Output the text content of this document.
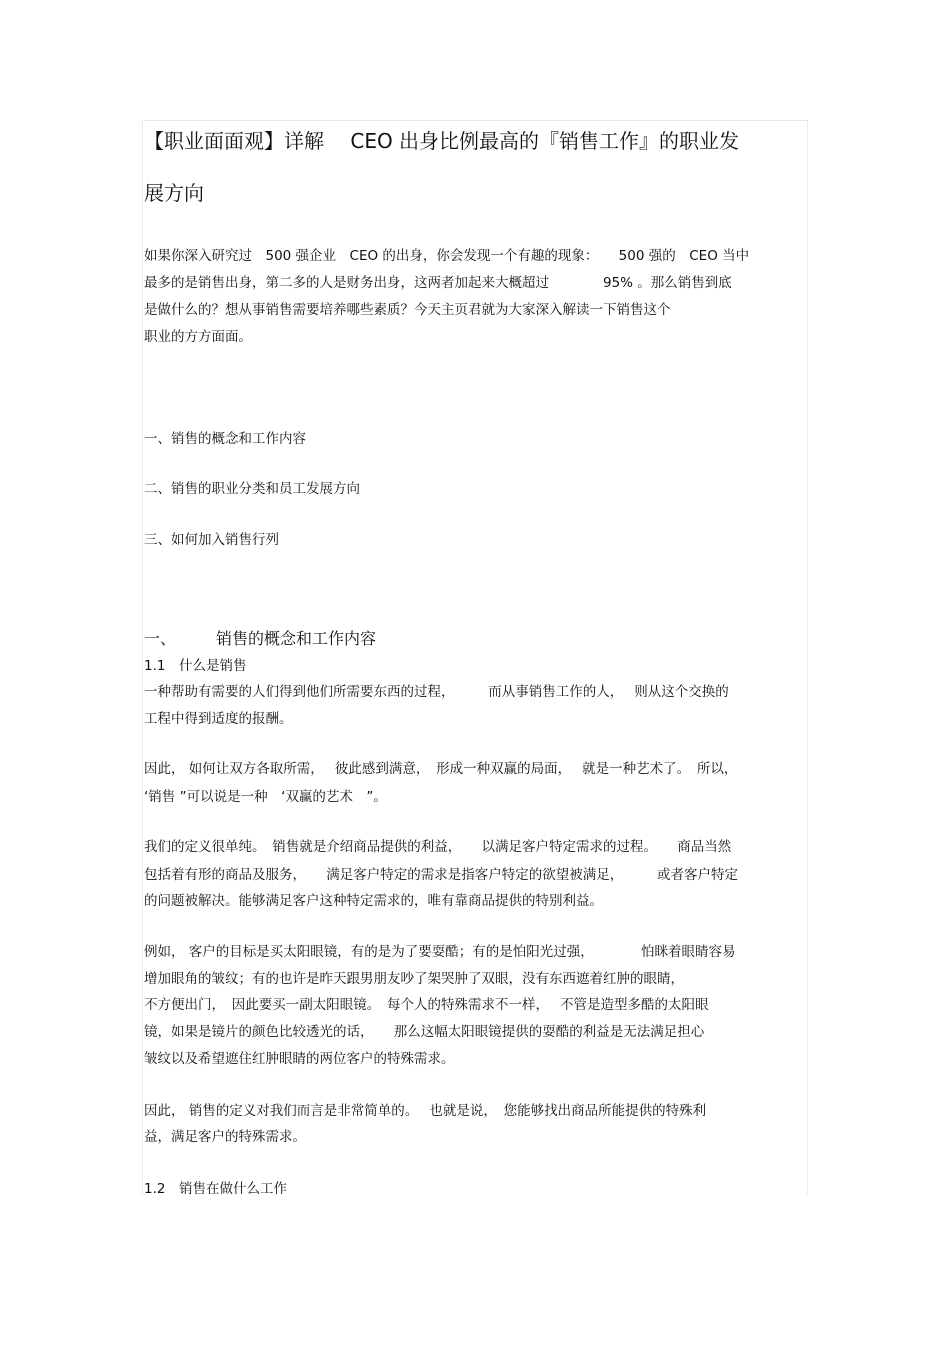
【职业面面观】详解　 CEO 出身比例最高的『销售工作』的职业发
展方向
如果你深入研究过　500 强企业　CEO 的出身，你会发现一个有趣的现象：　　500 强的　CEO 当中
最多的是销售出身，第二多的人是财务出身，这两者加起来大概超过　　　　95% 。那么销售到底
是做什么的？想从事销售需要培养哪些素质？今天主页君就为大家深入解读一下销售这个
职业的方方面面。
一、销售的概念和工作内容
二、销售的职业分类和员工发展方向
三、如何加入销售行列
一、　　　销售的概念和工作内容
1.1　什么是销售
一种帮助有需要的人们得到他们所需要东西的过程，　　　而从事销售工作的人，　 则从这个交换的
工程中得到适度的报酬。
因此， 如何让双方各取所需，　 彼此感到满意，　形成一种双赢的局面，　 就是一种艺术了。　所以，
‘销售 ”可以说是一种　‘双赢的艺术　”。
我们的定义很单纯。　销售就是介绍商品提供的利益，　　以满足客户特定需求的过程。　　商品当然
包括着有形的商品及服务，　　满足客户特定的需求是指客户特定的欲望被满足，　　　或者客户特定
的问题被解决。能够满足客户这种特定需求的，唯有靠商品提供的特别利益。
例如， 客户的目标是买太阳眼镜，有的是为了要耍酷；有的是怕阳光过强，　　　　怕眯着眼睛容易
增加眼角的皱纹；有的也许是昨天跟男朋友吵了架哭肿了双眼，没有东西遮着红肿的眼睛，
不方便出门，　因此要买一副太阳眼镜。　每个人的特殊需求不一样，　 不管是造型多酷的太阳眼
镜，如果是镜片的颜色比较透光的话，　　那么这幅太阳眼镜提供的耍酷的利益是无法满足担心
皱纹以及希望遮住红肿眼睛的两位客户的特殊需求。
因此， 销售的定义对我们而言是非常简单的。　 也就是说，　您能够找出商品所能提供的特殊利
益，满足客户的特殊需求。
1.2　销售在做什么工作
